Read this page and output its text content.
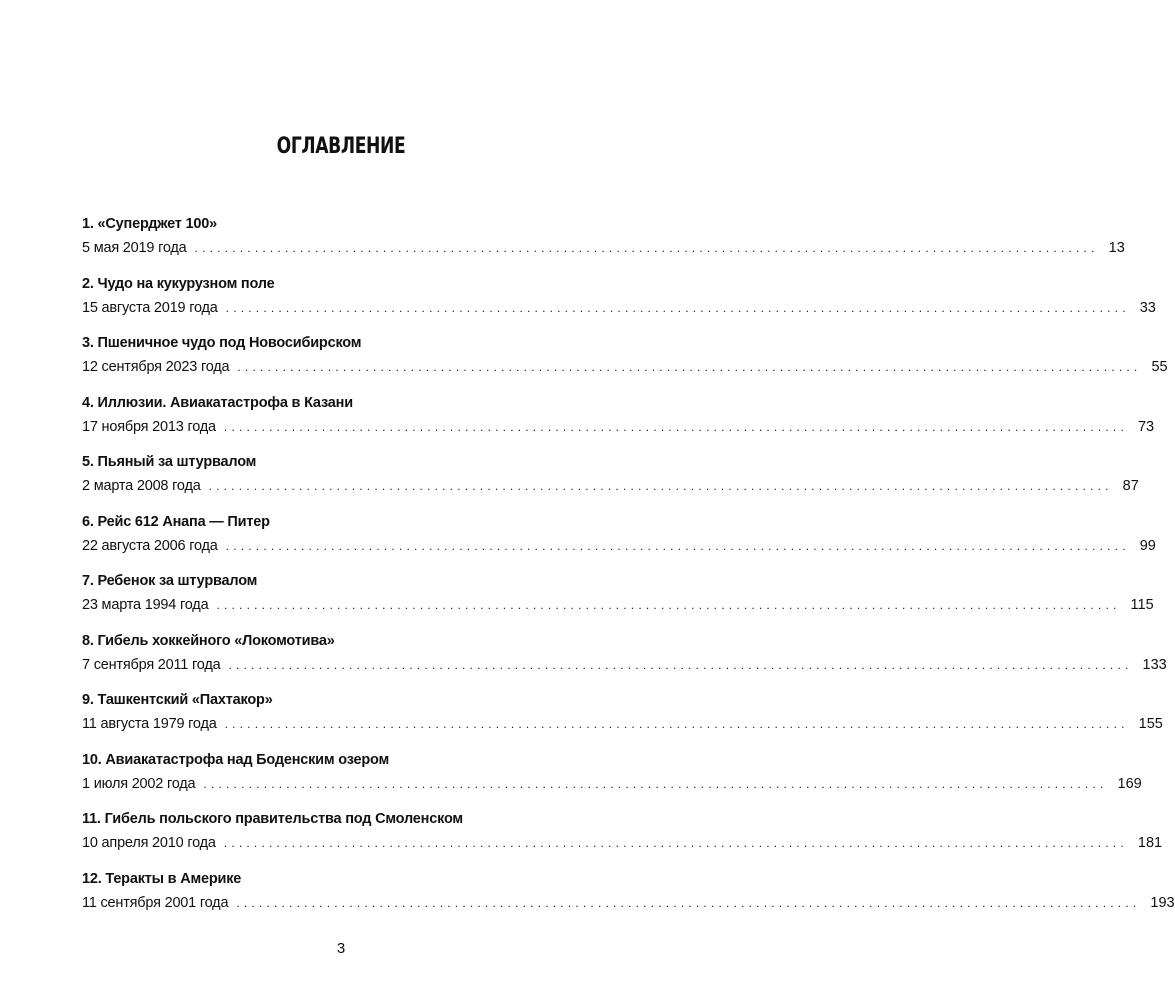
ОГЛАВЛЕНИЕ
1. «Суперджет 100»
5 мая 2019 года ........................................................................................................................ 13
2. Чудо на кукурузном поле
15 августа 2019 года ........................................................................................................................ 33
3. Пшеничное чудо под Новосибирском
12 сентября 2023 года ........................................................................................................................ 55
4. Иллюзии. Авиакатастрофа в Казани
17 ноября 2013 года ........................................................................................................................ 73
5. Пьяный за штурвалом
2 марта 2008 года ........................................................................................................................ 87
6. Рейс 612 Анапа — Питер
22 августа 2006 года ........................................................................................................................ 99
7. Ребенок за штурвалом
23 марта 1994 года ........................................................................................................................ 115
8. Гибель хоккейного «Локомотива»
7 сентября 2011 года ........................................................................................................................ 133
9. Ташкентский «Пахтакор»
11 августа 1979 года ........................................................................................................................ 155
10. Авиакатастрофа над Боденским озером
1 июля 2002 года ........................................................................................................................ 169
11. Гибель польского правительства под Смоленском
10 апреля 2010 года ........................................................................................................................ 181
12. Теракты в Америке
11 сентября 2001 года ........................................................................................................................ 193
3
